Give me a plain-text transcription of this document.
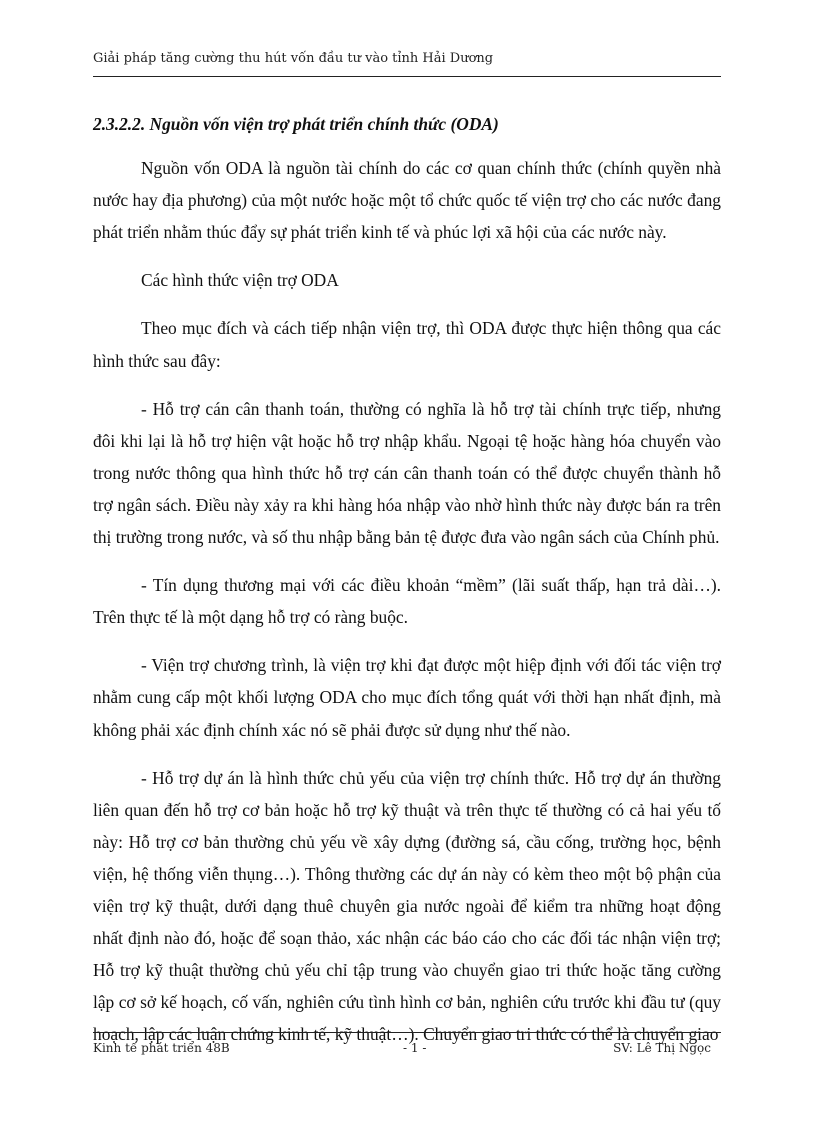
Giải pháp tăng cường thu hút vốn đầu tư vào tỉnh Hải Dương
2.3.2.2. Nguồn vốn viện trợ phát triển chính thức (ODA)

Nguồn vốn ODA là nguồn tài chính do các cơ quan chính thức (chính quyền nhà nước hay địa phương) của một nước hoặc một tổ chức quốc tế viện trợ cho các nước đang phát triển nhằm thúc đẩy sự phát triển kinh tế và phúc lợi xã hội của các nước này.

Các hình thức viện trợ ODA

Theo mục đích và cách tiếp nhận viện trợ, thì ODA được thực hiện thông qua các hình thức sau đây:

- Hỗ trợ cán cân thanh toán, thường có nghĩa là hỗ trợ tài chính trực tiếp, nhưng đôi khi lại là hỗ trợ hiện vật hoặc hỗ trợ nhập khẩu. Ngoại tệ hoặc hàng hóa chuyển vào trong nước thông qua hình thức hỗ trợ cán cân thanh toán có thể được chuyển thành hỗ trợ ngân sách. Điều này xảy ra khi hàng hóa nhập vào nhờ hình thức này được bán ra trên thị trường trong nước, và số thu nhập bằng bản tệ được đưa vào ngân sách của Chính phủ.

- Tín dụng thương mại với các điều khoản “mềm” (lãi suất thấp, hạn trả dài…). Trên thực tế là một dạng hỗ trợ có ràng buộc.

- Viện trợ chương trình, là viện trợ khi đạt được một hiệp định với đối tác viện trợ nhằm cung cấp một khối lượng ODA cho mục đích tổng quát với thời hạn nhất định, mà không phải xác định chính xác nó sẽ phải được sử dụng như thế nào.

- Hỗ trợ dự án là hình thức chủ yếu của viện trợ chính thức. Hỗ trợ dự án thường liên quan đến hỗ trợ cơ bản hoặc hỗ trợ kỹ thuật và trên thực tế thường có cả hai yếu tố này: Hỗ trợ cơ bản thường chủ yếu về xây dựng (đường sá, cầu cống, trường học, bệnh viện, hệ thống viễn thụng…). Thông thường các dự án này có kèm theo một bộ phận của viện trợ kỹ thuật, dưới dạng thuê chuyên gia nước ngoài để kiểm tra những hoạt động nhất định nào đó, hoặc để soạn thảo, xác nhận các báo cáo cho các đối tác nhận viện trợ; Hỗ trợ kỹ thuật thường chủ yếu chỉ tập trung vào chuyển giao tri thức hoặc tăng cường lập cơ sở kế hoạch, cố vấn, nghiên cứu tình hình cơ bản, nghiên cứu trước khi đầu tư (quy hoạch, lập các luận chứng kinh tế, kỹ thuật…). Chuyển giao tri thức có thể là chuyển giao

Kinh tế phát triển 48B	- 1 -	SV: Lê Thị Ngọc
